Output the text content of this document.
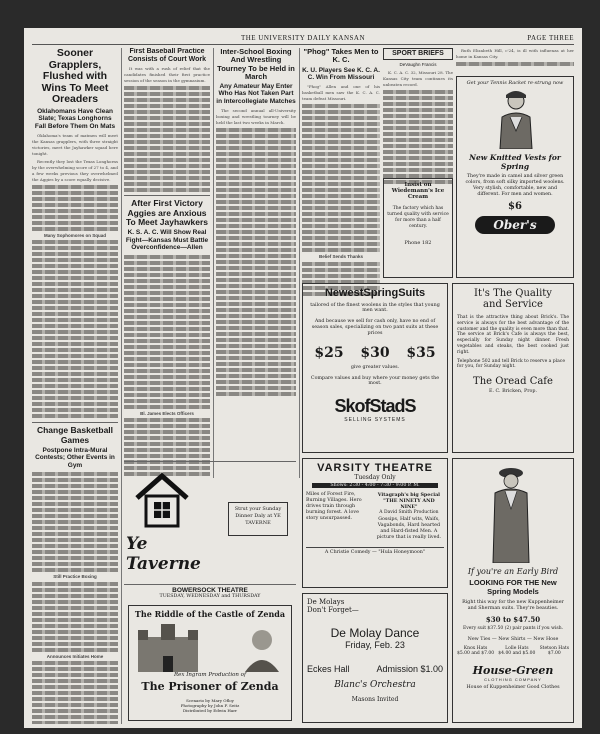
THE UNIVERSITY DAILY KANSAN	PAGE THREE
Sooner Grapplers, Flushed with Wins To Meet Oreaders
Oklahomans Have Clean Slate; Texas Longhorns Fall Before Them On Mats

Oklahoma's team of matmen will meet the Kansas grapplers, with three straight victories, meet the Jayhawker squad here tonight.

Recently they lost the Texas Longhorns by the overwhelming score of 27 to 4, and a few weeks previous they overwhelmed the Aggies by a score equally decisive.

Many Sophomores on Squad
Change Basketball Games
Postpone Intra-Mural Contests; Other Events in Gym
Still Practice Boxing
Announces Initiates Home
First Baseball Practice Consists of Court Work

It was with a rush of relief that the candidates finished their first practice session of the season in the gymnasium.

After First Victory Aggies are Anxious To Meet Jayhawkers
K. S. A. C. Will Show Real Fight—Kansas Must Battle Overconfidence—Allen
Bl. James Elects Officers
Inter-School Boxing And Wrestling Tourney To be Held in March
Any Amateur May Enter Who Has Not Taken Part in Intercollegiate Matches

The second annual all-University boxing and wrestling tourney will be held the last two weeks in March.

"Phog" Takes Men to K. C.
K. U. Players See K. C. A. C. Win From Missouri

"Phog" Allen and one of his basketball men saw the K. C. A. C. team defeat Missouri.

Belief Sends Thanks
SPORT BRIEFS
DeVaughn Francis

K. C. A. C. 32, Missouri 28. The Kansas City team continues its unbeaten record.

Insist on Wiedemann's Ice Cream
The factory which has turned quality with service for more than a half century.
Phone 182

Ruth Elizabeth Hill, c'24, is ill with influenza at her home in Kansas City.

Get your Tennis Racket re-strung now
New Knitted Vests for Spring
They're made in camel and silver green colors, from soft silky imported woolens. Very stylish, comfortable, new and different. For men and women.
$6
Ober's
NewestSpringSuits
tailored of the finest woolens in the styles that young men want.
And because we sell for cash only, have no end of season sales, specializing on two pant suits at these prices
$25 $30 $35
give greater values.
Compare values and buy where your money gets the most.
SkofStadS
SELLING SYSTEMS
It's The Quality
and Service
That is the attractive thing about Brick's. The service is always for the best advantage of the customer and the quality is even more than that. The service at Brick's Cafe is always the best, especially for Sunday night dinner. Fresh vegetables and steaks, the best cooked just right.
Telephone 502 and tell Brick to reserve a place for you, for Sunday night.
The Oread Cafe
E. C. Bricken, Prop.
VARSITY THEATRE
Tuesday Only
Shows: 2:30 - 4:00 - 7:30 - 9:00 P. M.
Miles of Forest Fire, Burning Villages. Hero drives train through burning forest. A love story unsurpassed.
Vitagraph's big Special "THE NINETY AND NINE"
A David Smith Production
Gossips, Half wits, Waifs, Vagabonds, Hard hearted and Hard-fisted Men. A picture that is really lived.
A Christie Comedy — "Hula Honeymoon"
Ye Taverne
Strut your Sunday Dinner Daly at YE TAVERNE
BOWERSOCK THEATRE
TUESDAY, WEDNESDAY and THURSDAY
The Riddle of the Castle of Zenda
Rex Ingram Production of
The Prisoner of Zenda
Scenario by Mary Ofloy Photography by John F. Seitz Distributed by Edwin Harr
De Molays
Don't Forget—
De Molay Dance
Friday, Feb. 23
Eckes Hall	Admission $1.00
Blanc's Orchestra
Masons Invited
If you're an Early Bird
LOOKING FOR THE New Spring Models
Right this way for the new Kuppenheimer and Sherman suits. They're beauties.
$30 to $47.50
Every suit $37.50 (2) pair pants if you wish.
New Ties — New Shirts — New Hose
Knox Hats
$5.00 and $7.00
Lolle Hats
$4.00 and $5.00
Stetson Hats
$7.00
House-Green
CLOTHING COMPANY
House of Kuppenheimer Good Clothes
